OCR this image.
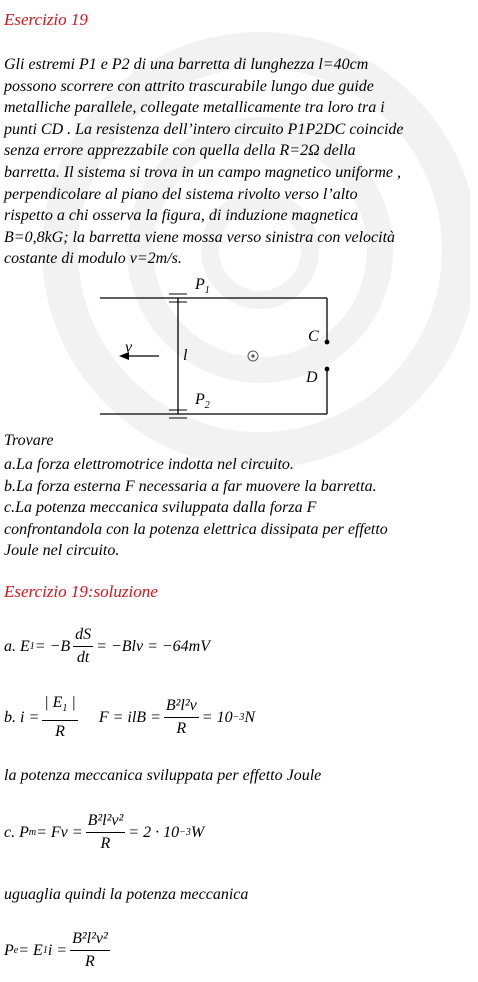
Esercizio 19
Gli estremi P1 e P2 di una barretta di lunghezza l=40cm
possono scorrere con attrito trascurabile lungo due guide
metalliche parallele, collegate metallicamente tra loro tra i
punti CD . La resistenza dell’intero circuito P1P2DC coincide
senza errore apprezzabile con quella della R=2Ω della
barretta. Il sistema si trova in un campo magnetico uniforme ,
perpendicolare al piano del sistema rivolto verso l’alto
rispetto a chi osserva la figura, di induzione magnetica
B=0,8kG; la barretta viene mossa verso sinistra con velocità
costante di modulo v=2m/s.
$P_1$
$P_2$
v	l
C
D
Trovare
a.La forza elettromotrice indotta nel circuito.
b.La forza esterna F necessaria a far muovere la barretta.
c.La potenza meccanica sviluppata dalla forza F
confrontandola con la potenza elettrica dissipata per effetto
Joule nel circuito.
Esercizio 19:soluzione
a. E $1 = -B \frac{dS}{dt} = -Blv = -64mV$
b. $i = \frac{| E_1 |}{R}$ F = ilB = $\frac{\text{B²l²v}}{R} = 10 -3$ N
la potenza meccanica sviluppata per effetto Joule
c. P $m = Fv = \frac{\text{B²l²v²}}{R} = 2 \cdot 10 -3$ W
uguaglia quindi la potenza meccanica
P e = E 1 $i = \frac{\text{B²l²v²}}{R}$
